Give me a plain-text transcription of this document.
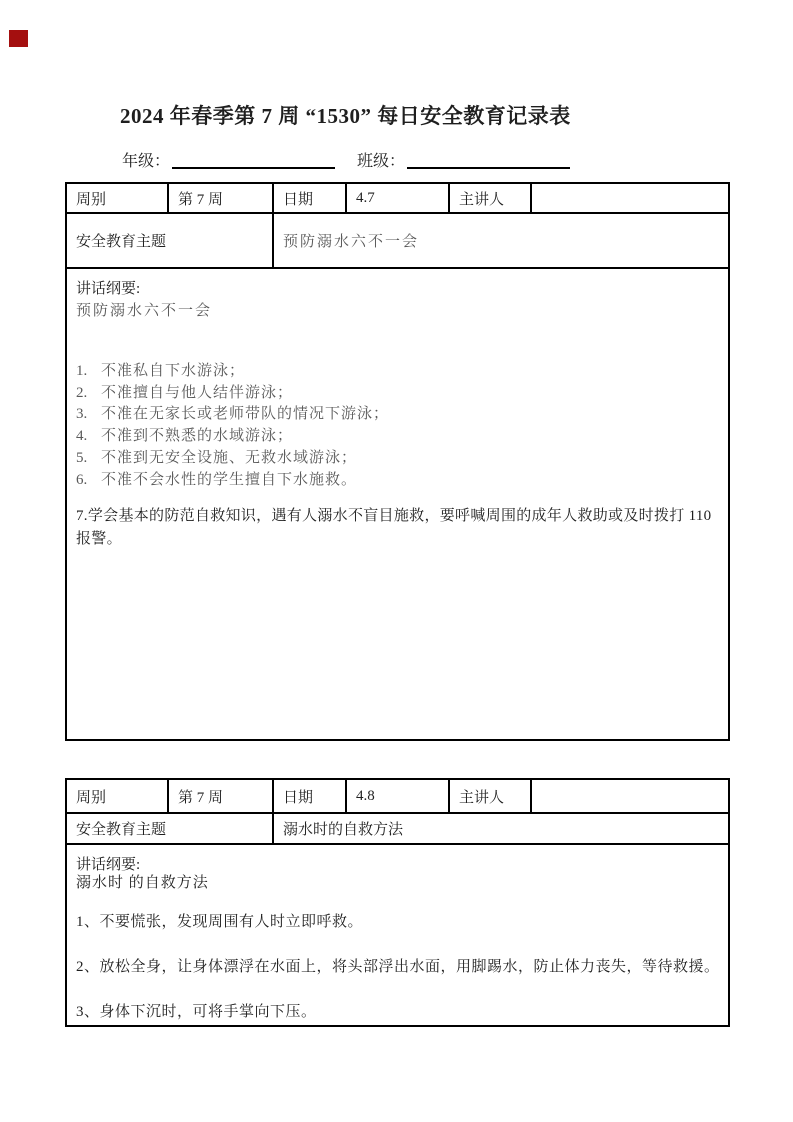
2024 年春季第 7 周 “1530” 每日安全教育记录表
年级：	班级：
周别	第 7 周	日期	4.7	主讲人	
安全教育主题		预防溺水六不一会			

讲话纲要:
预防溺水六不一会
1. 不准私自下水游泳；
2. 不准擅自与他人结伴游泳；
3. 不准在无家长或老师带队的情况下游泳；
4. 不准到不熟悉的水域游泳；
5. 不准到无安全设施、无救水域游泳；
6. 不准不会水性的学生擅自下水施救。
7.学会基本的防范自救知识，遇有人溺水不盲目施救，要呼喊周围的成年人救助或及时拨打 110 报警。
周别	第 7 周	日期	4.8	主讲人	
安全教育主题		溺水时的自救方法			

讲话纲要:
溺水时 的自救方法
1、不要慌张，发现周围有人时立即呼救。
2、放松全身，让身体漂浮在水面上，将头部浮出水面，用脚踢水，防止体力丧失，等待救援。
3、身体下沉时，可将手掌向下压。					
